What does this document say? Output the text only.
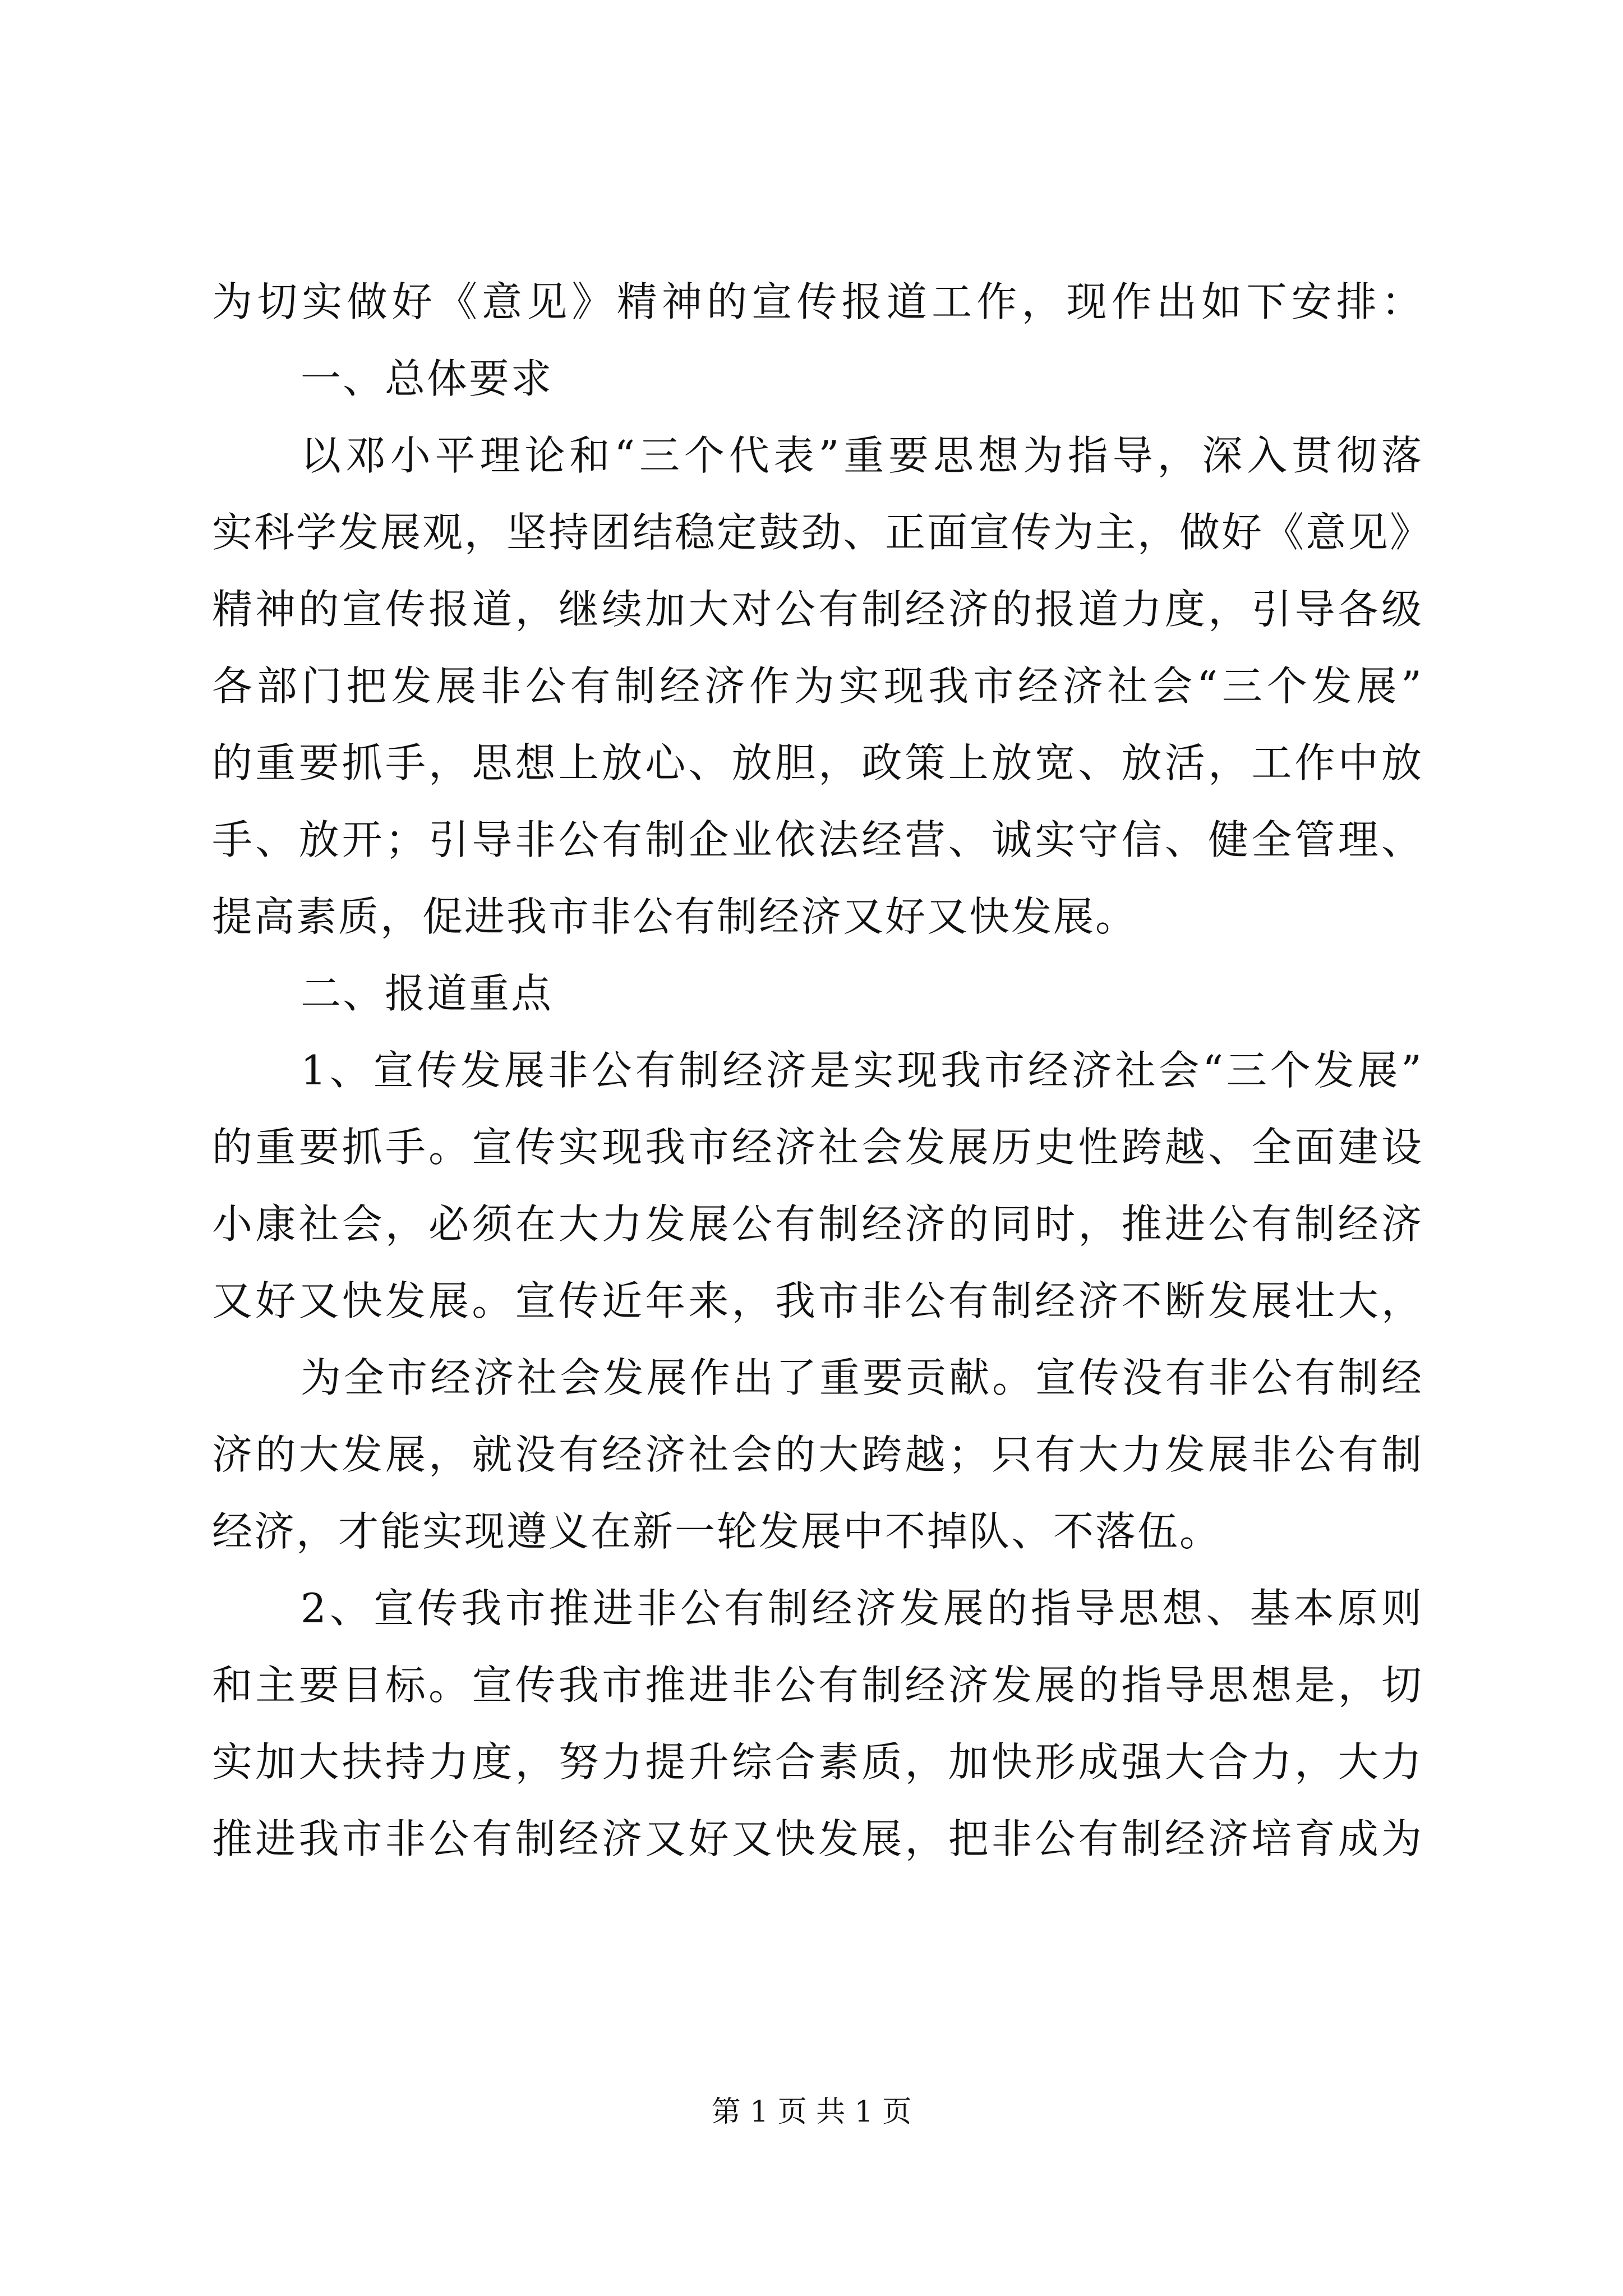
为切实做好《意见》精神的宣传报道工作，现作出如下安排：
一、总体要求
以邓小平理论和“三个代表”重要思想为指导，深入贯彻落
实科学发展观，坚持团结稳定鼓劲、正面宣传为主，做好《意见》
精神的宣传报道，继续加大对公有制经济的报道力度，引导各级
各部门把发展非公有制经济作为实现我市经济社会“三个发展”
的重要抓手，思想上放心、放胆，政策上放宽、放活，工作中放
手、放开；引导非公有制企业依法经营、诚实守信、健全管理、
提高素质，促进我市非公有制经济又好又快发展。
二、报道重点
1、宣传发展非公有制经济是实现我市经济社会“三个发展”
的重要抓手。宣传实现我市经济社会发展历史性跨越、全面建设
小康社会，必须在大力发展公有制经济的同时，推进公有制经济
又好又快发展。宣传近年来，我市非公有制经济不断发展壮大，
为全市经济社会发展作出了重要贡献。宣传没有非公有制经
济的大发展，就没有经济社会的大跨越；只有大力发展非公有制
经济，才能实现遵义在新一轮发展中不掉队、不落伍。
2、宣传我市推进非公有制经济发展的指导思想、基本原则
和主要目标。宣传我市推进非公有制经济发展的指导思想是，切
实加大扶持力度，努力提升综合素质，加快形成强大合力，大力
推进我市非公有制经济又好又快发展，把非公有制经济培育成为
第 1 页 共 1 页
